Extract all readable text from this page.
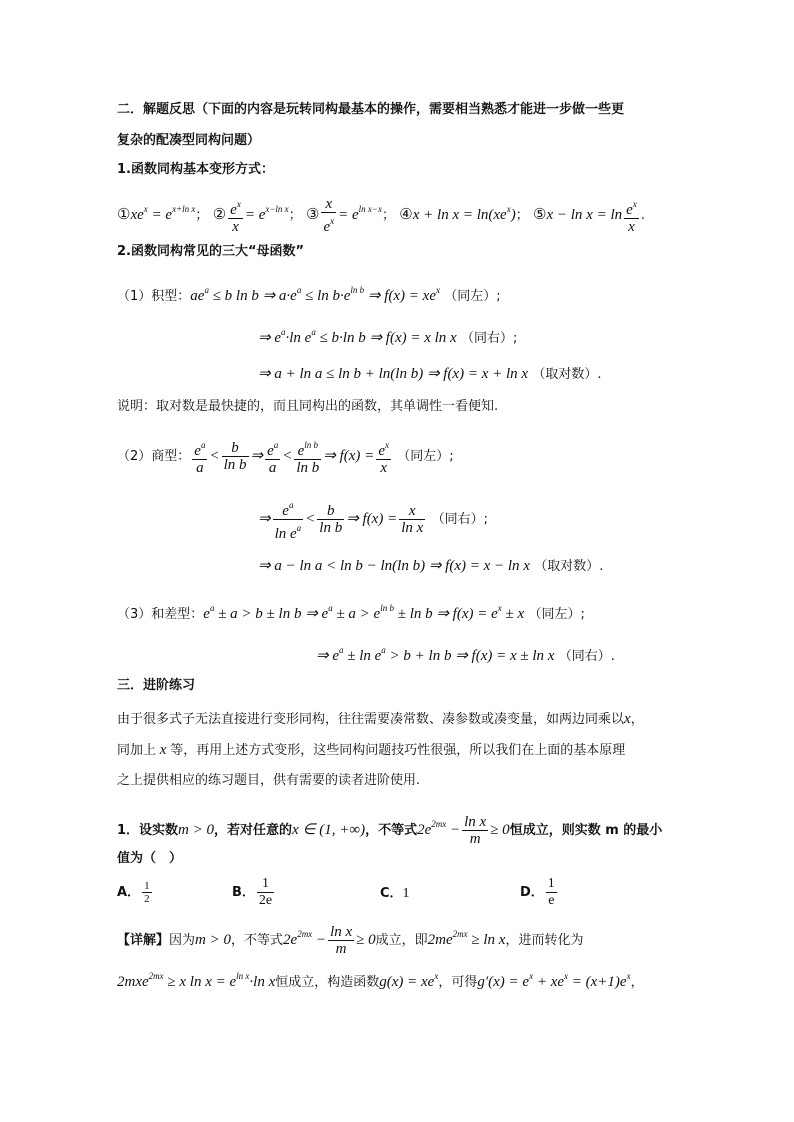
二．解题反思（下面的内容是玩转同构最基本的操作，需要相当熟悉才能进一步做一些更
复杂的配凑型同构问题）
1.函数同构基本变形方式：
$①xe^x = e^{x+ln x}$； ② $\frac{e^x}{x} = e^{x-ln x}$； ③ $\frac{x}{e^x} = e^{ln x-x}$； ④x + $\ln x = \ln(xe^x)$； ⑤x − $\ln x = \ln \frac{e^x}{x}$ .
2.函数同构常见的三大“母函数”
（1）积型：$ae^a \le b$ ln b ⇒ $a\cdot e^a \le \ln b\cdot e^{ln b}$ ⇒ $f(x) = xe^x$ （同左）;
⇒ $e^a\cdot\ln$ $e^a \le b\cdot\ln$ b ⇒ f(x) = x ln x （同右）;
⇒ a + ln a ≤ ln b + ln(ln b) ⇒ f(x) = x + ln x （取对数）.
说明：取对数是最快捷的，而且同构出的函数，其单调性一看便知.
（2）商型： $\frac{e^a}{a} < \frac{b}{\text{ln b}}$ ⇒ $\frac{e^a}{a} < \frac{e^{ln b}}{\text{ln b}}$ ⇒ $f(x) = \frac{e^x}{x}$ （同左）;
⇒ $\frac{e^a}{\ln e^a} < \frac{b}{\text{ln b}}$ ⇒ $f(x) = \frac{x}{\text{ln x}}$ （同右）;
⇒ a − ln a < ln b − ln(ln b) ⇒ f(x) = x − ln x （取对数）.
（3）和差型：$e^a \pm a > b \pm \ln b$ ⇒ $e^a \pm a > e^{ln b} \pm \ln b$ ⇒ $f(x) = e^x \pm x$ （同左）;
⇒ $e^a \pm \ln e^a > b + \ln b$ ⇒ f(x) = x ± ln x （同右）.
三．进阶练习
由于很多式子无法直接进行变形同构，往往需要凑常数、凑参数或凑变量，如两边同乘以x，
同加上 x 等，再用上述方式变形，这些同构问题技巧性很强，所以我们在上面的基本原理
之上提供相应的练习题目，供有需要的读者进阶使用.
1．设实数m > 0，若对任意的x ∈ (1, +∞)，不等式$2e^{2mx} - \frac{\text{ln x}}{m} \ge 0$恒成立，则实数 m 的最小
值为（　）
A． $\frac{1}{2}$	B． $\frac{1}{2e}$	C．1	D． $\frac{1}{e}$
【详解】因为m > 0，不等式$2e^{2mx} - \frac{\text{ln x}}{m} \ge 0$成立，即$2me^{2mx} \ge \ln x$，进而转化为
2mxe$^{2mx}$ ≥ x $\ln x = e^{ln x}\cdot\ln$ x恒成立，构造函数$g(x) = xe^x$，可得$g'(x) = e^x + xe^x = (x+1)e^x$，
